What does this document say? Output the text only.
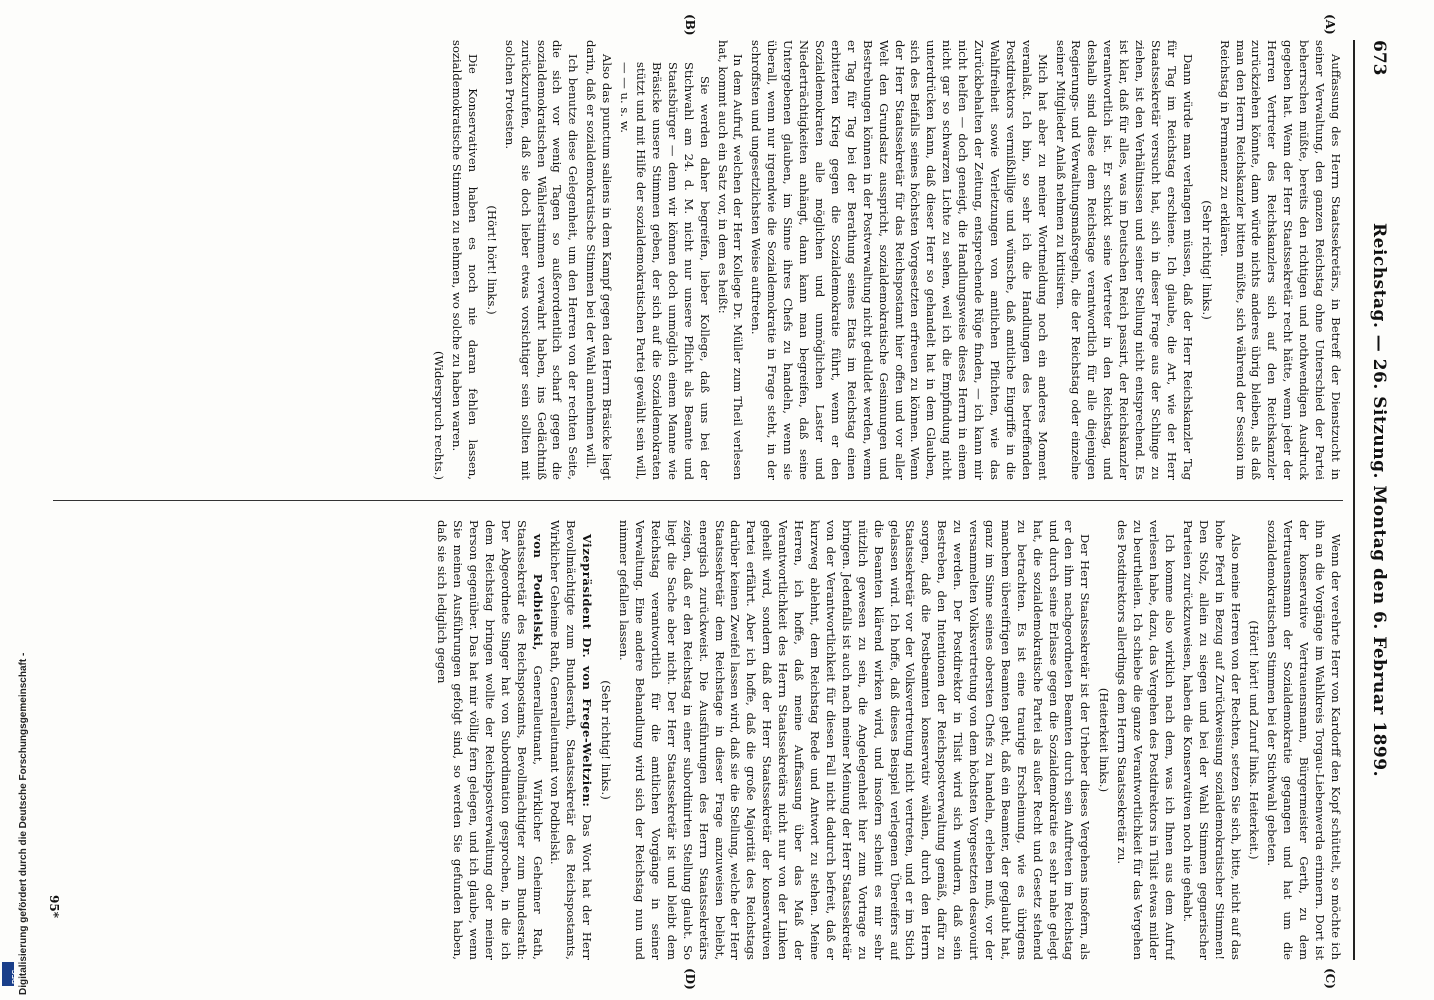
673
Reichstag. — 26. Sitzung. Montag den 6. Februar 1899.

Auffassung des Herrn Staatssekretärs, in Betreff der Dienstzucht in seiner Verwaltung, den ganzen Reichstag ohne Unterschied der Partei beherrschen müßte, bereits den richtigen und nothwendigen Ausdruck gegeben hat. Wenn der Herr Staatssekretär recht hätte, wenn jeder der Herren Vertreter des Reichskanzlers sich auf den Reichskanzler zurückziehen könnte, dann würde nichts anderes übrig bleiben, als daß man den Herrn Reichskanzler bitten müßte, sich während der Session im Reichstag in Permanenz zu erklären.

(Sehr richtig! links.)

Dann würde man verlangen müssen, daß der Herr Reichskanzler Tag für Tag im Reichstag erschiene. Ich glaube, die Art, wie der Herr Staatssekretär versucht hat, sich in dieser Frage aus der Schlinge zu ziehen, ist den Verhältnissen und seiner Stellung nicht entsprechend. Es ist klar, daß für alles, was im Deutschen Reich passirt, der Reichskanzler verantwortlich ist. Er schickt seine Vertreter in den Reichstag, und deshalb sind diese dem Reichstage verantwortlich für alle diejenigen Regierungs- und Verwaltungsmaßregeln, die der Reichstag oder einzelne seiner Mitglieder Anlaß nehmen zu kritisiren.

Mich hat aber zu meiner Wortmeldung noch ein anderes Moment veranlaßt. Ich bin, so sehr ich die Handlungen des betreffenden Postdirektors vermißbillige und wünsche, daß amtliche Eingriffe in die Wahlfreiheit sowie Verletzungen von amtlichen Pflichten, wie das Zurückbehalten der Zeitung, entsprechende Rüge finden, — ich kann mir nicht helfen — doch geneigt, die Handlungsweise dieses Herrn in einem nicht gar so schwarzen Lichte zu sehen, weil ich die Empfindung nicht unterdrücken kann, daß dieser Herr so gehandelt hat in dem Glauben, sich des Beifalls seines höchsten Vorgesetzten erfreuen zu können. Wenn der Herr Staatssekretär für das Reichspostamt hier offen und vor aller Welt den Grundsatz ausspricht, sozialdemokratische Gesinnungen und Bestrebungen können in der Postverwaltung nicht geduldet werden, wenn er Tag für Tag bei der Berathung seines Etats im Reichstag einen erbitterten Krieg gegen die Sozialdemokratie führt, wenn er den Sozialdemokraten alle möglichen und unmöglichen Laster und Niederträchtigkeiten anhängt, dann kann man begreifen, daß seine Untergebenen glauben, im Sinne ihres Chefs zu handeln, wenn sie überall, wenn nur irgendwie die Sozialdemokratie in Frage steht, in der schroffsten und ungesetzlichsten Weise auftreten.

In dem Aufruf, welchen der Herr Kollege Dr. Müller zum Theil verlesen hat, kommt auch ein Satz vor, in dem es heißt:

Sie werden daher begreifen, lieber Kollege, daß uns bei der Stichwahl am 24. d. M. nicht nur unsere Pflicht als Beamte und Staatsbürger — denn wir können doch unmöglich einem Manne wie Bräsicke unsere Stimmen geben, der sich auf die Sozialdemokraten stützt und mit Hilfe der sozialdemokratischen Partei gewählt sein will, — — u. s. w.

Also das punctum saliens in dem Kampf gegen den Herrn Bräsicke liegt darin, daß er sozialdemokratische Stimmen bei der Wahl annehmen will.

Ich benutze diese Gelegenheit, um den Herren von der rechten Seite, die sich vor wenig Tagen so außerordentlich scharf gegen die sozialdemokratischen Wählerstimmen verwahrt haben, ins Gedächtniß zurückzurufen, daß sie doch lieber etwas vorsichtiger sein sollten mit solchen Protesten.

(Hört! hört! links.)

Die Konservativen haben es noch nie daran fehlen lassen, sozialdemokratische Stimmen zu nehmen, wo solche zu haben waren.

(Widerspruch rechts.)

Wenn der verehrte Herr von Kardorff den Kopf schüttelt, so möchte ich ihn an die Vorgänge im Wahlkreis Torgau-Liebenwerda erinnern. Dort ist der konservative Vertrauensmann, Bürgermeister Gerth, zu dem Vertrauensmann der Sozialdemokratie gegangen und hat um die sozialdemokratischen Stimmen bei der Stichwahl gebeten.

(Hört! hört! und Zuruf links. Heiterkeit.)

Also meine Herren von der Rechten, setzen Sie sich, bitte, nicht auf das hohe Pferd in Bezug auf Zurückweisung sozialdemokratischer Stimmen! Den Stolz, allein zu siegen und bei der Wahl Stimmen gegnerischer Parteien zurückzuweisen, haben die Konservativen noch nie gehabt.

Ich komme also wirklich nach dem, was ich Ihnen aus dem Aufruf verlesen habe, dazu, das Vergehen des Postdirektors in Tilsit etwas milder zu beurtheilen. Ich schiebe die ganze Verantwortlichkeit für das Vergehen des Postdirektors allerdings dem Herrn Staatssekretär zu.

(Heiterkeit links.)

Der Herr Staatssekretär ist der Urheber dieses Vergehens insofern, als er den ihm nachgeordneten Beamten durch sein Auftreten im Reichstag und durch seine Erlasse gegen die Sozialdemokratie es sehr nahe gelegt hat, die sozialdemokratische Partei als außer Recht und Gesetz stehend zu betrachten. Es ist eine traurige Erscheinung, wie es übrigens manchem übereifrigen Beamten geht, daß ein Beamter, der geglaubt hat, ganz im Sinne seines obersten Chefs zu handeln, erleben muß, vor der versammelten Volksvertretung von dem höchsten Vorgesetzten desavouirt zu werden. Der Postdirektor in Tilsit wird sich wundern, daß sein Bestreben, den Intentionen der Reichspostverwaltung gemäß, dafür zu sorgen, daß die Postbeamten konservativ wählen, durch den Herrn Staatssekretär vor der Volksvertretung nicht vertreten, und er im Stich gelassen wird. Ich hoffe, daß dieses Beispiel verlegenen Übereifers auf die Beamten klärend wirken wird, und insofern scheint es mir sehr nützlich gewesen zu sein, die Angelegenheit hier zum Vortrage zu bringen. Jedenfalls ist auch nach meiner Meinung der Herr Staatssekretär von der Verantwortlichkeit für diesen Fall nicht dadurch befreit, daß er kurzweg ablehnt, dem Reichstag Rede und Antwort zu stehen. Meine Herren, ich hoffe, daß meine Auffassung über das Maß der Verantwortlichkeit des Herrn Staatssekretärs nicht nur von der Linken geheilt wird, sondern daß der Herr Staatssekretär der konservativen Partei erfährt. Aber ich hoffe, daß die große Majorität des Reichstags darüber keinen Zweifel lassen wird, daß sie die Stellung, welche der Herr Staatssekretär dem Reichstage in dieser Frage anzuweisen beliebt, energisch zurückweist. Die Ausführungen des Herrn Staatssekretärs zeigen, daß er den Reichstag in einer subordinirten Stellung glaubt. So liegt die Sache aber nicht. Der Herr Staatssekretär ist und bleibt dem Reichstag verantwortlich für die amtlichen Vorgänge in seiner Verwaltung. Eine andere Behandlung wird sich der Reichstag nun und nimmer gefallen lassen.

(Sehr richtig! links.)

Vizepräsident Dr. von Frege-Weltzien: Das Wort hat der Herr Bevollmächtigte zum Bundesrath, Staatssekretär des Reichspostamts, Wirklicher Geheime Rath, Generalleutnant von Podbielski.

von Podbielski, Generalleutnant, Wirklicher Geheimer Rath, Staatssekretär des Reichspostamts, Bevollmächtigter zum Bundesrath: Der Abgeordnete Singer hat von Subordination gesprochen, in die ich dem Reichstag bringen wollte der Reichspostverwaltung oder meiner Person gegenüber. Das hat mir völlig fern gelegen, und ich glaube, wenn Sie meinen Ausführungen gefolgt sind, so werden Sie gefunden haben, daß sie sich lediglich gegen

(A)
(B)
(C)
(D)
95*
Digitalisierung gefördert durch die Deutsche Forschungsgemeinschaft -
DFG
